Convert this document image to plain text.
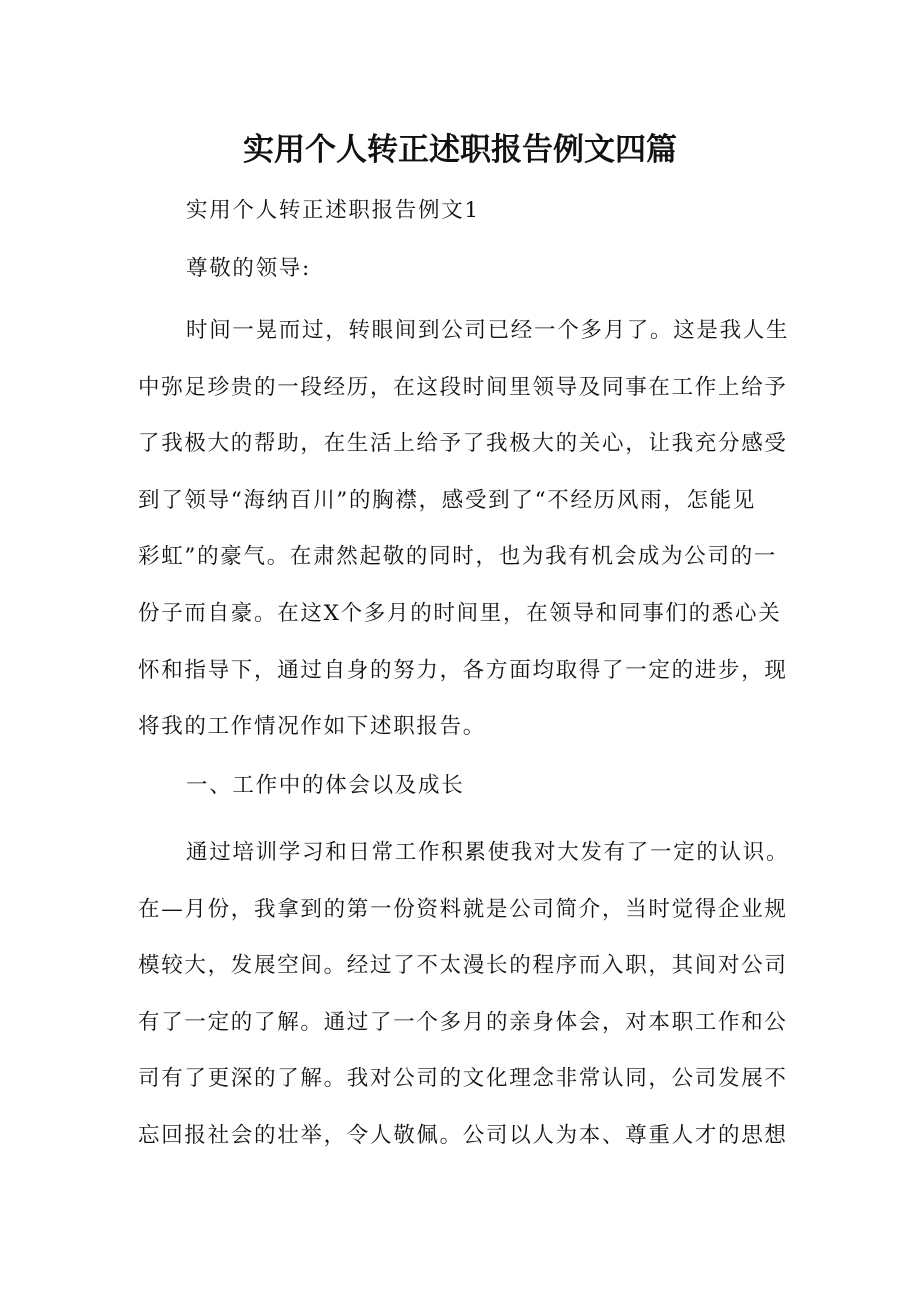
实用个人转正述职报告例文四篇

实用个人转正述职报告例文1

尊敬的领导:

时间一晃而过，转眼间到公司已经一个多月了。这是我人生
中弥足珍贵的一段经历，在这段时间里领导及同事在工作上给予
了我极大的帮助，在生活上给予了我极大的关心，让我充分感受
到了领导“海纳百川”的胸襟，感受到了“不经历风雨，怎能见
彩虹”的豪气。在肃然起敬的同时，也为我有机会成为公司的一
份子而自豪。在这X个多月的时间里，在领导和同事们的悉心关
怀和指导下，通过自身的努力，各方面均取得了一定的进步，现
将我的工作情况作如下述职报告。

一、工作中的体会以及成长

通过培训学习和日常工作积累使我对大发有了一定的认识。
在—月份，我拿到的第一份资料就是公司简介，当时觉得企业规
模较大，发展空间。经过了不太漫长的程序而入职，其间对公司
有了一定的了解。通过了一个多月的亲身体会，对本职工作和公
司有了更深的了解。我对公司的文化理念非常认同，公司发展不
忘回报社会的壮举，令人敬佩。公司以人为本、尊重人才的思想
